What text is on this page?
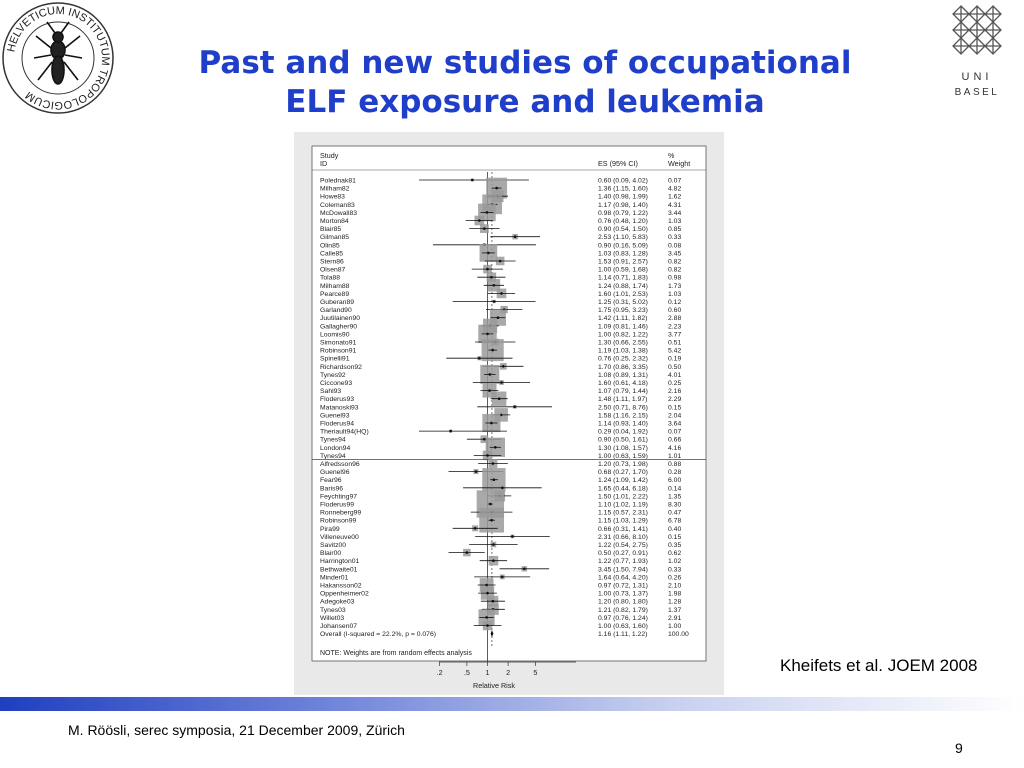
HELVETICUM INSTITUTUM TROPOLOGICUM
UNI
BASEL
Past and new studies of occupational
ELF exposure and leukemia
Study
ID	ES (95% CI)
%
Weight
Polednak81	0.60 (0.09, 4.02)	0.07
Milham82	1.36 (1.15, 1.60)	4.82
Howe83	1.40 (0.98, 1.99)	1.62
Coleman83	1.17 (0.98, 1.40)	4.31
McDowall83	0.98 (0.79, 1.22)	3.44
Morton84	0.76 (0.48, 1.20)	1.03
Blair85	0.90 (0.54, 1.50)	0.85
Gilman85	2.53 (1.10, 5.83)	0.33
Olin85	0.90 (0.16, 5.09)	0.08
Calle85	1.03 (0.83, 1.28)	3.45
Stern86	1.53 (0.91, 2.57)	0.82
Olsen87	1.00 (0.59, 1.68)	0.82
Tola88	1.14 (0.71, 1.83)	0.98
Milham88	1.24 (0.88, 1.74)	1.73
Pearce89	1.60 (1.01, 2.53)	1.03
Guberan89	1.25 (0.31, 5.02)	0.12
Garland90	1.75 (0.95, 3.23)	0.60
Juutilainen90	1.42 (1.11, 1.82)	2.88
Gallagher90	1.09 (0.81, 1.46)	2.23
Loomis90	1.00 (0.82, 1.22)	3.77
Simonato91	1.30 (0.66, 2.55)	0.51
Robinson91	1.19 (1.03, 1.38)	5.42
Spinelli91	0.76 (0.25, 2.32)	0.19
Richardson92	1.70 (0.86, 3.35)	0.50
Tynes92	1.08 (0.89, 1.31)	4.01
Ciccone93	1.60 (0.61, 4.18)	0.25
Sahl93	1.07 (0.79, 1.44)	2.16
Floderus93	1.48 (1.11, 1.97)	2.29
Matanoski93	2.50 (0.71, 8.76)	0.15
Guenel93	1.58 (1.16, 2.15)	2.04
Floderus94	1.14 (0.93, 1.40)	3.64
Theriault94(HQ)	0.29 (0.04, 1.92)	0.07
Tynes94	0.90 (0.50, 1.61)	0.66
London94	1.30 (1.08, 1.57)	4.16
Tynes94	1.00 (0.63, 1.59)	1.01
Alfredsson96	1.20 (0.73, 1.98)	0.88
Guenel96	0.68 (0.27, 1.70)	0.28
Fear96	1.24 (1.09, 1.42)	6.00
Baris96	1.65 (0.44, 6.18)	0.14
Feychting97	1.50 (1.01, 2.22)	1.35
Floderus99	1.10 (1.02, 1.19)	8.30
Ronneberg99	1.15 (0.57, 2.31)	0.47
Robinson99	1.15 (1.03, 1.29)	6.78
Pira99	0.66 (0.31, 1.41)	0.40
Villeneuve00	2.31 (0.66, 8.10)	0.15
Savitz00	1.22 (0.54, 2.75)	0.35
Blair00	0.50 (0.27, 0.91)	0.62
Harrington01	1.22 (0.77, 1.93)	1.02
Bethwaite01	3.45 (1.50, 7.94)	0.33
Minder01	1.64 (0.64, 4.20)	0.26
Hakansson02	0.97 (0.72, 1.31)	2.10
Oppenheimer02	1.00 (0.73, 1.37)	1.98
Adegoke03	1.20 (0.80, 1.80)	1.28
Tynes03	1.21 (0.82, 1.79)	1.37
Willet03	0.97 (0.76, 1.24)	2.91
Johansen07	1.00 (0.63, 1.60)	1.00
Overall (I-squared = 22.2%, p = 0.076)	1.16 (1.11, 1.22)	100.00
.2	.5 1 2	5
NOTE: Weights are from random effects analysis
Relative Risk
Kheifets et al. JOEM 2008
M. Röösli, serec symposia, 21 December 2009, Zürich
9
